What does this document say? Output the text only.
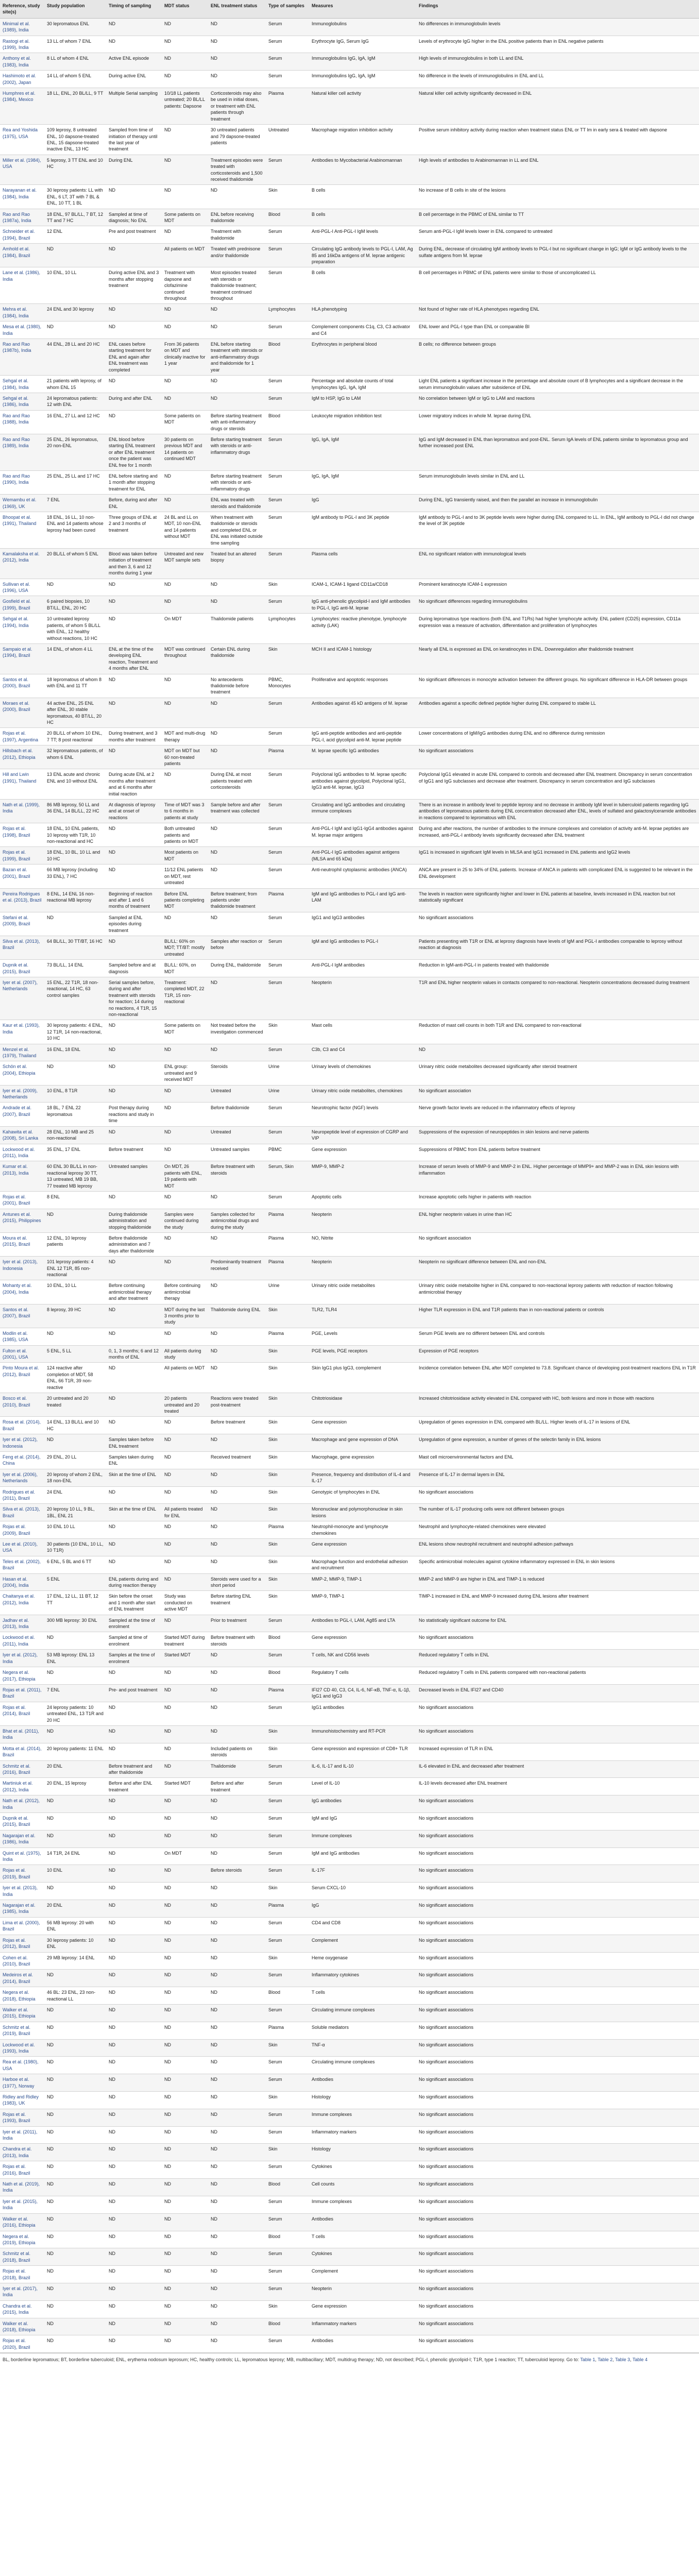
Reference, study site(s)	Study population	Timing of sampling	MDT status	ENL treatment status	Type of samples	Measures	Findings
Minimal et al. (1989), India	30 lepromatous ENL	ND	ND	ND	Serum	Immunoglobulins	No differences in immunoglobulin levels
Rastogi et al. (1999), India	13 LL of whom 7 ENL	ND	ND	ND	Serum	Erythrocyte IgG, Serum IgG	Levels of erythrocyte IgG higher in the ENL positive patients than in ENL negative patients
Anthony et al. (1983), India	8 LL of whom 4 ENL	Active ENL episode	ND	ND	Serum	Immunoglobulins IgG, IgA, IgM	High levels of immunoglobulins in both LL and ENL
Hashimoto et al. (2002), Japan	14 LL of whom 5 ENL	During active ENL	ND	ND	Serum	Immunoglobulins IgG, IgA, IgM	No difference in the levels of immunoglobulins in ENL and LL
Humphres et al. (1984), Mexico	18 LL, ENL, 20 BL/LL, 9 TT	Multiple Serial sampling	10/18 LL patients untreated; 20 BL/LL patients: Dapsone	Corticosteroids may also be used in initial doses, or treatment with ENL patients through treatment	Plasma	Natural killer cell activity	Natural killer cell activity significantly decreased in ENL
Rea and Yoshida (1975), USA	109 leprosy, 8 untreated ENL, 10 dapsone-treated ENL, 15 dapsone-treated inactive ENL, 13 HC	Sampled from time of initiation of therapy until the last year of treatment	ND	30 untreated patients and 79 dapsone-treated patients	Untreated	Macrophage migration inhibition activity	Positive serum inhibitory activity during reaction when treatment status ENL or TT lm in early sera & treated with dapsone
Miller et al. (1984), USA	5 leprosy, 3 TT ENL and 10 HC	During ENL	ND	Treatment episodes were treated with corticosteroids and 1,500 received thalidomide	Serum	Antibodies to Mycobacterial Arabinomannan	High levels of antibodies to Arabinomannan in LL and ENL
Narayanan et al. (1984), India	30 leprosy patients: LL with ENL, 6 LT, 3T with 7 BL & ENL, 10 TT, 1 BL	ND	ND	ND	Skin	B cells	No increase of B cells in site of the lesions
Rao and Rao (1987a), India	18 ENL, 97 BL/LL, 7 BT, 12 TT and 7 HC	Sampled at time of diagnosis; No ENL	Some patients on MDT	ENL before receiving thalidomide	Blood	B cells	B cell percentage in the PBMC of ENL similar to TT
Schneider et al. (1994), Brazil	12 ENL	Pre and post treatment	ND	Treatment with thalidomide	Serum	Anti-PGL-I Anti-PGL-I IgM levels	Serum anti-PGL-I IgM levels lower in ENL compared to untreated
Amhold et al. (1984), Brazil	ND	ND	All patients on MDT	Treated with prednisone and/or thalidomide	Serum	Circulating IgG antibody levels to PGL-I, LAM, Ag 85 and 16kDa antigens of M. leprae antigenic preparation	During ENL, decrease of circulating IgM antibody levels to PGL-I but no significant change in IgG; IgM or IgG antibody levels to the sulfate antigens from M. leprae
Lane et al. (1986), India	10 ENL, 10 LL	During active ENL and 3 months after stopping treatment	Treatment with dapsone and clofazimine continued throughout	Most episodes treated with steroids or thalidomide treatment; treatment continued throughout	Serum	B cells	B cell percentages in PBMC of ENL patients were similar to those of uncomplicated LL
Mehra et al. (1984), India	24 ENL and 30 leprosy	ND	ND	ND	Lymphocytes	HLA phenotyping	Not found of higher rate of HLA phenotypes regarding ENL
Mesa et al. (1980), India	ND	ND	ND	ND	Serum	Complement components C1q, C3, C3 activator and C4	ENL lower and PGL-I type than ENL or comparable BI
Rao and Rao (1987b), India	44 ENL, 28 LL and 20 HC	ENL cases before starting treatment for ENL and again after ENL treatment was completed	From 36 patients on MDT and clinically inactive for 1 year	ENL before starting treatment with steroids or anti-inflammatory drugs and thalidomide for 1 year	Blood	Erythrocytes in peripheral blood	B cells; no difference between groups
Sehgal et al. (1984), India	21 patients with leprosy, of whom ENL 15	ND	ND	ND	Serum	Percentage and absolute counts of total lymphocytes IgG, IgA, IgM	Light ENL patients a significant increase in the percentage and absolute count of B lymphocytes and a significant decrease in the serum immunoglobulin values after subsidence of ENL
Sehgal et al. (1986), India	24 lepromatous patients: 12 with ENL	During and after ENL	ND	ND	Serum	IgM to HSP, IgG to LAM	No correlation between IgM or IgG to LAM and reactions
Rao and Rao (1988), India	16 ENL, 27 LL and 12 HC	ND	Some patients on MDT	Before starting treatment with anti-inflammatory drugs or steroids	Blood	Leukocyte migration inhibition test	Lower migratory indices in whole M. leprae during ENL
Rao and Rao (1989), India	25 ENL, 26 lepromatous, 20 non-ENL	ENL blood before starting ENL treatment or after ENL treatment once the patient was ENL free for 1 month	30 patients on previous MDT and 14 patients on continued MDT	Before starting treatment with steroids or anti-inflammatory drugs	Serum	IgG, IgA, IgM	IgG and IgM decreased in ENL than lepromatous and post-ENL. Serum IgA levels of ENL patients similar to lepromatous group and further increased post ENL
Rao and Rao (1990), India	25 ENL, 25 LL and 17 HC	ENL before starting and 1 month after stopping treatment for ENL	ND	Before starting treatment with steroids or anti-inflammatory drugs	Serum	IgG, IgA, IgM	Serum immunoglobulin levels similar in ENL and LL
Wemambu et al. (1969), UK	7 ENL	Before, during and after ENL	ND	ENL was treated with steroids and thalidomide	Serum	IgG	During ENL, IgG transiently raised, and then the parallel an increase in immunoglobulin
Bhoopat et al. (1991), Thailand	18 ENL, 16 LL, 10 non-ENL and 14 patients whose leprosy had been cured	Three groups of ENL at 2 and 3 months of treatment	24 BL and LL on MDT, 10 non-ENL and 14 patients without MDT	When treatment with thalidomide or steroids and completed ENL or ENL was initiated outside time sampling	Serum	IgM antibody to PGL-I and 3K peptide	IgM antibody to PGL-I and to 3K peptide levels were higher during ENL compared to LL. In ENL, IgM antibody to PGL-I did not change the level of 3K peptide
Kamalaksha et al. (2012), India	20 BL/LL of whom 5 ENL	Blood was taken before initiation of treatment and then 3, 6 and 12 months during 1 year	Untreated and new MDT sample sets	Treated but an altered biopsy	Serum	Plasma cells	ENL no significant relation with immunological levels
Sullivan et al. (1996), USA	ND	ND	ND	ND	Skin	ICAM-1, ICAM-1 ligand CD11a/CD18	Prominent keratinocyte ICAM-1 expression
Gosfield et al. (1999), Brazil	6 paired biopsies, 10 BT/LL, ENL, 20 HC	ND	ND	ND	Serum	IgG anti-phenolic glycolipid-I and IgM antibodies to PGL-I, IgG anti-M. leprae	No significant differences regarding immunoglobulins
Sehgal et al. (1994), India	10 untreated leprosy patients, of whom 5 BL/LL with ENL, 12 healthy without reactions, 10 HC	ND	On MDT	Thalidomide patients	Lymphocytes	Lymphocytes: reactive phenotype, lymphocyte activity (LAK)	During lepromatous type reactions (both ENL and T1Rs) had higher lymphocyte activity. ENL patient (CD25) expression, CD11a expression was a measure of activation, differentiation and proliferation of lymphocytes
Sampaio et al. (1994), Brazil	14 ENL, of whom 4 LL	ENL at the time of the developing ENL reaction, Treatment and 4 months after ENL	MDT was continued throughout	Certain ENL during thalidomide	Skin	MCH II and ICAM-1 histology	Nearly all ENL is expressed as ENL on keratinocytes in ENL. Downregulation after thalidomide treatment
Santos et al. (2000), Brazil	18 lepromatous of whom 8 with ENL and 11 TT	ND	ND	No antecedents thalidomide before treatment	PBMC, Monocytes	Proliferative and apoptotic responses	No significant differences in monocyte activation between the different groups. No significant difference in HLA-DR between groups
Moraes et al. (2000), Brazil	44 active ENL, 25 ENL after ENL, 30 stable lepromatous, 40 BT/LL, 20 HC	ND	ND	ND	Serum	Antibodies against 45 kD antigens of M. leprae	Antibodies against a specific defined peptide higher during ENL compared to stable LL
Rojas et al. (1997), Argentina	20 BL/LL of whom 10 ENL, 7 TT; 8 post reactional	During treatment, and 3 months after treatment	MDT and multi-drug therapy	ND	Serum	IgG anti-peptide antibodies and anti-peptide PGL-I, acid glycolipid anti-M. leprae peptide	Lower concentrations of IgM/IgG antibodies during ENL and no difference during remission
Hillsbach et al. (2012), Ethiopia	32 lepromatous patients, of whom 6 ENL	ND	MDT on MDT but 60 non-treated patients	ND	Plasma	M. leprae specific IgG antibodies	No significant associations
Hill and Lwin (1991), Thailand	13 ENL acute and chronic ENL and 10 without ENL	During acute ENL at 2 months after treatment and at 6 months after initial reaction	ND	During ENL at most patients treated with corticosteroids	Serum	Polyclonal IgG antibodies to M. leprae specific antibodies against glycolipid, Polyclonal IgG1, IgG3 anti-M. leprae, IgG3	Polyclonal IgG1 elevated in acute ENL compared to controls and decreased after ENL treatment. Discrepancy in serum concentration of IgG1 and IgG subclasses and decrease after treatment. Discrepancy in serum concentration and IgG subclasses
Nath et al. (1999), India	86 MB leprosy, 50 LL and 36 ENL, 14 BL/LL, 22 HC	At diagnosis of leprosy and at onset of reactions	Time of MDT was 3 to 6 months in patients at study	Sample before and after treatment was collected	Serum	Circulating and IgG antibodies and circulating immune complexes	There is an increase in antibody level to peptide leprosy and no decrease in antibody IgM level in tuberculoid patients regarding IgG antibodies of lepromatous patients during ENL concentration decreased after ENL, levels of sulfated and galactosylceramide antibodies in reactions compared to lepromatous with ENL
Rojas et al. (1998), Brazil	18 ENL, 10 ENL patients, 10 leprosy with T1R, 10 non-reactional and HC	ND	Both untreated patients and patients on MDT	ND	Serum	Anti-PGL-I IgM and IgG1-IgG4 antibodies against M. leprae major antigens	During and after reactions, the number of antibodies to the immune complexes and correlation of activity anti-M. leprae peptides are increased, anti-PGL-I antibody levels significantly decreased after ENL treatment
Rojas et al. (1999), Brazil	18 ENL, 10 BL, 10 LL and 10 HC	ND	Most patients on MDT	ND	Serum	Anti-PGL-I IgG antibodies against antigens (MLSA and 65 kDa)	IgG1 is increased in significant IgM levels in MLSA and IgG1 increased in ENL patients and IgG2 levels
Bazan et al. (2001), Brazil	66 MB leprosy (including 33 ENL), 7 HC	ND	11/12 ENL patients on MDT, rest untreated	ND	Serum	Anti-neutrophil cytoplasmic antibodies (ANCA)	ANCA are present in 25 to 34% of ENL patients. Increase of ANCA in patients with complicated ENL is suggested to be relevant in the ENL development
Pereira Rodrigues et al. (2013), Brazil	8 ENL, 14 ENL 16 non-reactional MB leprosy	Beginning of reaction and after 1 and 6 months of treatment	Before ENL patients completing MDT	Before treatment; from patients under thalidomide treatment	Plasma	IgM and IgG antibodies to PGL-I and IgG anti-LAM	The levels in reaction were significantly higher and lower in ENL patients at baseline, levels increased in ENL reaction but not statistically significant
Stefani et al. (2009), Brazil	ND	Sampled at ENL episodes during treatment	ND	ND	Serum	IgG1 and IgG3 antibodies	No significant associations
Silva et al. (2013), Brazil	64 BL/LL, 30 TT/BT, 16 HC	ND	BL/LL: 60% on MDT; TT/BT: mostly untreated	Samples after reaction or before	Serum	IgM and IgG antibodies to PGL-I	Patients presenting with T1R or ENL at leprosy diagnosis have levels of IgM and PGL-I antibodies comparable to leprosy without reaction at diagnosis
Dupnik et al. (2015), Brazil	73 BL/LL, 14 ENL	Sampled before and at diagnosis	BL/LL: 60%, on MDT	During ENL, thalidomide	Serum	Anti-PGL-I IgM antibodies	Reduction in IgM-anti-PGL-I in patients treated with thalidomide
Iyer et al. (2007), Netherlands	15 ENL, 22 T1R, 18 non-reactional, 14 HC, 63 control samples	Serial samples before, during and after treatment with steroids for reaction; 14 during no reactions, 4 T1R, 15 non-reactional	Treatment: completed MDT, 22 T1R, 15 non-reactional	ND	Serum	Neopterin	T1R and ENL higher neopterin values in contacts compared to non-reactional. Neopterin concentrations decreased during treatment
Kaur et al. (1993), India	30 leprosy patients: 4 ENL, 12 T1R, 14 non-reactional, 10 HC	ND	Some patients on MDT	Not treated before the investigation commenced	Skin	Mast cells	Reduction of mast cell counts in both T1R and ENL compared to non-reactional
Menzel et al. (1979), Thailand	16 ENL, 18 ENL	ND	ND	ND	Serum	C3b, C3 and C4	ND
Schön et al. (2004), Ethiopia	ND	ND	ENL group: untreated and 9 received MDT	Steroids	Urine	Urinary levels of chemokines	Urinary nitric oxide metabolites decreased significantly after steroid treatment
Iyer et al. (2009), Netherlands	10 ENL, 8 T1R	ND	ND	Untreated	Urine	Urinary nitric oxide metabolites, chemokines	No significant association
Andrade et al. (2007), Brazil	18 BL, 7 ENL 22 lepromatous	Post therapy during reactions and study in time	ND	Before thalidomide	Serum	Neurotrophic factor (NGF) levels	Nerve growth factor levels are reduced in the inflammatory effects of leprosy
Kahawita et al. (2008), Sri Lanka	28 ENL, 10 MB and 25 non-reactional	ND	ND	Untreated	Serum	Neuropeptide level of expression of CGRP and VIP	Suppressions of the expression of neuropeptides in skin lesions and nerve patients
Lockwood et al. (2011), India	35 ENL, 17 ENL	Before treatment	ND	Untreated samples	PBMC	Gene expression	Suppressions of PBMC from ENL patients before treatment
Kumar et al. (2013), India	60 ENL 30 BL/LL in non-reactional leprosy 30 TT, 13 untreated, MB 19 BB, 77 treated MB leprosy	Untreated samples	On MDT, 26 patients with ENL, 19 patients with MDT	Before treatment with steroids	Serum, Skin	MMP-9, MMP-2	Increase of serum levels of MMP-9 and MMP-2 in ENL. Higher percentage of MMP9+ and MMP-2 was in ENL skin lesions with inflammation
Rojas et al. (2001), Brazil	8 ENL	ND	ND	ND	Serum	Apoptotic cells	Increase apoptotic cells higher in patients with reaction
Antunes et al. (2015), Philippines	ND	During thalidomide administration and stopping thalidomide	Samples were continued during the study	Samples collected for antimicrobial drugs and during the study	Plasma	Neopterin	ENL higher neopterin values in urine than HC
Moura et al. (2015), Brazil	12 ENL, 10 leprosy patients	Before thalidomide administration and 7 days after thalidomide	ND	ND	Plasma	NO, Nitrite	No significant association
Iyer et al. (2013), Indonesia	101 leprosy patients: 4 ENL 12 T1R, 85 non-reactional	ND	ND	Predominantly treatment received	Plasma	Neopterin	Neopterin no significant difference between ENL and non-ENL
Mohanty et al. (2004), India	10 ENL, 10 LL	Before continuing antimicrobial therapy and after treatment	Before continuing antimicrobial therapy	ND	Urine	Urinary nitric oxide metabolites	Urinary nitric oxide metabolite higher in ENL compared to non-reactional leprosy patients with reduction of reaction following antimicrobial therapy
Santos et al. (2007), Brazil	8 leprosy, 39 HC	ND	MDT during the last 3 months prior to study	Thalidomide during ENL	Skin	TLR2, TLR4	Higher TLR expression in ENL and T1R patients than in non-reactional patients or controls
Modlin et al. (1985), USA	ND	ND	ND	ND	Plasma	PGE, Levels	Serum PGE levels are no different between ENL and controls
Fulton et al. (2001), USA	5 ENL, 5 LL	0, 1, 3 months; 6 and 12 months of ENL	All patients during study	ND	Skin	PGE levels, PGE receptors	Expression of PGE receptors
Pinto Moura et al. (2012), Brazil	124 reactive after completion of MDT, 58 ENL, 66 T1R, 39 non-reactive	ND	All patients on MDT	ND	Skin	Skin IgG1 plus IgG3, complement	Incidence correlation between ENL after MDT completed to 73.8. Significant chance of developing post-treatment reactions ENL in T1R
Bosco et al. (2010), Brazil	20 untreated and 20 treated	ND	20 patients untreated and 20 treated	Reactions were treated post-treatment	Skin	Chitotriosidase	Increased chitotriosidase activity elevated in ENL compared with HC, both lesions and more in those with reactions
Rosa et al. (2014), Brazil	14 ENL, 13 BL/LL and 10 HC	ND	ND	Before treatment	Skin	Gene expression	Upregulation of genes expression in ENL compared with BL/LL. Higher levels of IL-17 in lesions of ENL
Iyer et al. (2012), Indonesia	ND	Samples taken before ENL treatment	ND	ND	Skin	Macrophage and gene expression of DNA	Upregulation of gene expression, a number of genes of the selectin family in ENL lesions
Feng et al. (2014), China	29 ENL, 20 LL	Samples taken during ENL	ND	Received treatment	Skin	Macrophage, gene expression	Mast cell microenvironmental factors and ENL
Iyer et al. (2006), Netherlands	20 leprosy of whom 2 ENL, 18 non-ENL	Skin at the time of ENL	ND	ND	Skin	Presence, frequency and distribution of IL-4 and IL-17	Presence of IL-17 in dermal layers in ENL
Rodrigues et al. (2011), Brazil	24 ENL	ND	ND	ND	Skin	Genotypic of lymphocytes in ENL	No significant associations
Silva et al. (2013), Brazil	20 leprosy 10 LL, 9 BL, 1BL, ENL 21	Skin at the time of ENL	All patients treated for ENL	ND	Skin	Mononuclear and polymorphonuclear in skin lesions	The number of IL-17 producing cells were not different between groups
Rojas et al. (2009), Brazil	10 ENL 10 LL	ND	ND	ND	Plasma	Neutrophil-monocyte and lymphocyte chemokines	Neutrophil and lymphocyte-related chemokines were elevated
Lee et al. (2010), USA	30 patients (10 ENL, 10 LL, 10 T1R)	ND	ND	ND	Skin	Gene expression	ENL lesions show neutrophil recruitment and neutrophil adhesion pathways
Teles et al. (2002), Brazil	6 ENL, 5 BL and 6 TT	ND	ND	ND	Skin	Macrophage function and endothelial adhesion and recruitment	Specific antimicrobial molecules against cytokine inflammatory expressed in ENL in skin lesions
Hasan et al. (2004), India	5 ENL	ENL patients during and during reaction therapy	ND	Steroids were used for a short period	Skin	MMP-2, MMP-9, TIMP-1	MMP-2 and MMP-9 are higher in ENL and TIMP-1 is reduced
Chaitanya et al. (2012), India	17 ENL, 12 LL, 11 BT, 12 TT	Skin before the onset and 1 month after start of ENL treatment	Study was conducted on active MDT	Before starting ENL treatment	Skin	MMP-9, TIMP-1	TIMP-1 increased in ENL and MMP-9 increased during ENL lesions after treatment
Jadhav et al. (2013), India	300 MB leprosy: 30 ENL	Sampled at the time of enrolment	ND	Prior to treatment	Serum	Antibodies to PGL-I, LAM, Ag85 and LTA	No statistically significant outcome for ENL
Lockwood et al. (2011), India	ND	Sampled at time of enrolment	Started MDT during treatment	Before treatment with steroids	Blood	Gene expression	No significant associations
Iyer et al. (2012), India	53 MB leprosy: ENL 13 ENL	Samples at the time of enrolment	Started MDT	ND	Serum	T cells, NK and CD56 levels	Reduced regulatory T cells in ENL
Negera et al. (2017), Ethiopia	ND	ND	ND	ND	Blood	Regulatory T cells	Reduced regulatory T cells in ENL patients compared with non-reactional patients
Rojas et al. (2011), Brazil	7 ENL	Pre- and post treatment	ND	ND	Plasma	IFI27 CD 40, C3, C4, IL-6, NF-κB, TNF-α, IL-1β, IgG1 and IgG3	Decreased levels in ENL IFI27 and CD40
Rojas et al. (2014), Brazil	24 leprosy patients: 10 untreated ENL, 13 T1R and 20 HC	ND	ND	ND	Serum	IgG1 antibodies	No significant associations
Bhat et al. (2011), India	ND	ND	ND	ND	Skin	Immunohistochemistry and RT-PCR	No significant associations
Motta et al. (2014), Brazil	20 leprosy patients: 11 ENL	ND	ND	Included patients on steroids	Skin	Gene expression and expression of CD8+ TLR	Increased expression of TLR in ENL
Schmitz et al. (2016), Brazil	20 ENL	Before treatment and after thalidomide	ND	Thalidomide	Serum	IL-6, IL-17 and IL-10	IL-6 elevated in ENL and decreased after treatment
Martiniuk et al. (2012), India	20 ENL, 15 leprosy	Before and after ENL treatment	Started MDT	Before and after treatment	Serum	Level of IL-10	IL-10 levels decreased after ENL treatment
Nath et al. (2012), India	ND	ND	ND	ND	Serum	IgG antibodies	No significant associations
Dupnik et al. (2015), Brazil	ND	ND	ND	ND	Serum	IgM and IgG	No significant associations
Nagarajan et al. (1986), India	ND	ND	ND	ND	Serum	Immune complexes	No significant associations
Quint et al. (1975), India	14 T1R, 24 ENL	ND	On MDT	ND	Serum	IgM and IgG antibodies	No significant associations
Rojas et al. (2019), Brazil	10 ENL	ND	ND	Before steroids	Serum	IL-17F	No significant associations
Iyer et al. (2013), India	ND	ND	ND	ND	Skin	Serum CXCL-10	No significant associations
Nagarajan et al. (1985), India	20 ENL	ND	ND	ND	Plasma	IgG	No significant associations
Lima et al. (2000), Brazil	56 MB leprosy: 20 with ENL	ND	ND	ND	Serum	CD4 and CD8	No significant associations
Rojas et al. (2012), Brazil	30 leprosy patients: 10 ENL	ND	ND	ND	Serum	Complement	No significant associations
Cohen et al. (2010), Brazil	29 MB leprosy: 14 ENL	ND	ND	ND	Skin	Heme oxygenase	No significant associations
Medeiros et al. (2014), Brazil	ND	ND	ND	ND	Serum	Inflammatory cytokines	No significant associations
Negera et al. (2018), Ethiopia	46 BL: 23 ENL, 23 non-reactional LL	ND	ND	ND	Blood	T cells	No significant associations
Walker et al. (2015), Ethiopia	ND	ND	ND	ND	Serum	Circulating immune complexes	No significant associations
Schmitz et al. (2019), Brazil	ND	ND	ND	ND	Plasma	Soluble mediators	No significant associations
Lockwood et al. (1993), India	ND	ND	ND	ND	Skin	TNF-α	No significant associations
Rea et al. (1980), USA	ND	ND	ND	ND	Serum	Circulating immune complexes	No significant associations
Harboe et al. (1977), Norway	ND	ND	ND	ND	Serum	Antibodies	No significant associations
Ridley and Ridley (1983), UK	ND	ND	ND	ND	Skin	Histology	No significant associations
Rojas et al. (1993), Brazil	ND	ND	ND	ND	Serum	Immune complexes	No significant associations
Iyer et al. (2011), India	ND	ND	ND	ND	Serum	Inflammatory markers	No significant associations
Chandra et al. (2013), India	ND	ND	ND	ND	Skin	Histology	No significant associations
Rojas et al. (2016), Brazil	ND	ND	ND	ND	Serum	Cytokines	No significant associations
Nath et al. (2019), India	ND	ND	ND	ND	Blood	Cell counts	No significant associations
Iyer et al. (2015), India	ND	ND	ND	ND	Serum	Immune complexes	No significant associations
Walker et al. (2016), Ethiopia	ND	ND	ND	ND	Serum	Antibodies	No significant associations
Negera et al. (2019), Ethiopia	ND	ND	ND	ND	Blood	T cells	No significant associations
Schmitz et al. (2018), Brazil	ND	ND	ND	ND	Serum	Cytokines	No significant associations
Rojas et al. (2018), Brazil	ND	ND	ND	ND	Serum	Complement	No significant associations
Iyer et al. (2017), India	ND	ND	ND	ND	Serum	Neopterin	No significant associations
Chandra et al. (2015), India	ND	ND	ND	ND	Skin	Gene expression	No significant associations
Walker et al. (2018), Ethiopia	ND	ND	ND	ND	Blood	Inflammatory markers	No significant associations
Rojas et al. (2020), Brazil	ND	ND	ND	ND	Serum	Antibodies	No significant associations
BL, borderline lepromatous; BT, borderline tuberculoid; ENL, erythema nodosum leprosum; HC, healthy controls; LL, lepromatous leprosy; MB, multibacillary; MDT, multidrug therapy; ND, not described; PGL-I, phenolic glycolipid-I; T1R, type 1 reaction; TT, tuberculoid leprosy. Go to: Table 1, Table 2, Table 3, Table 4
